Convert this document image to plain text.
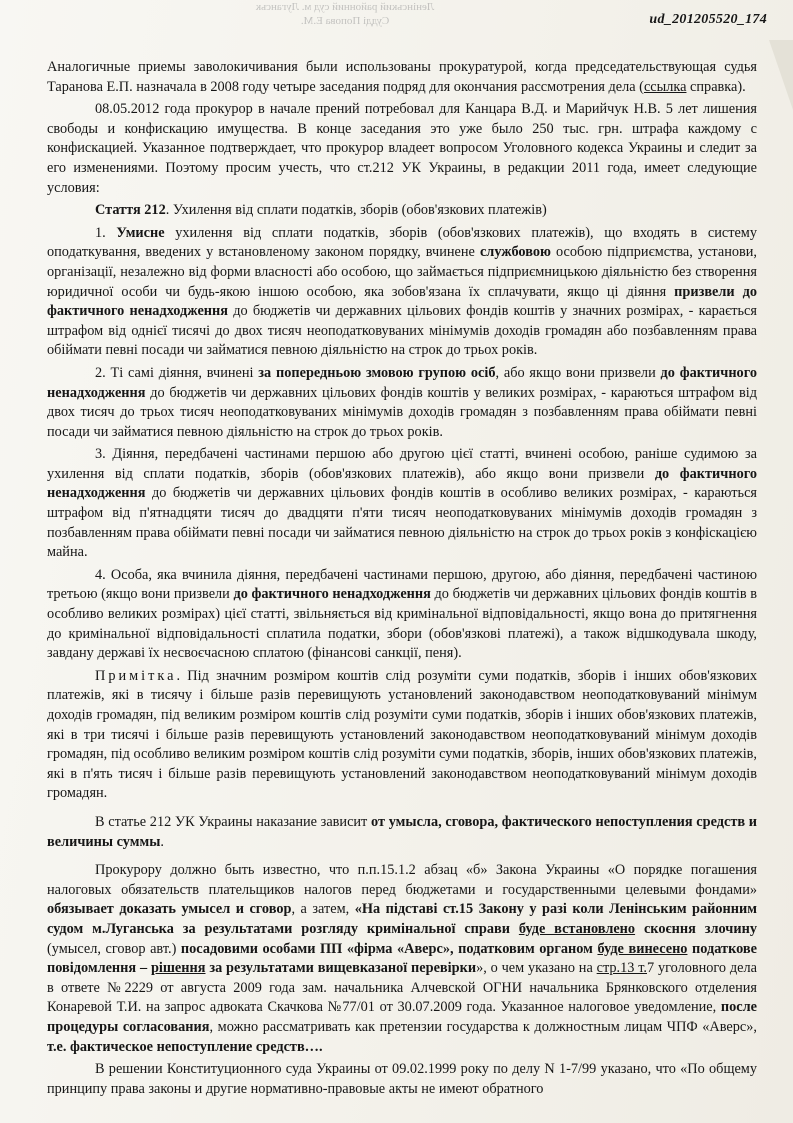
Ленінський районний суд м. Луганськ
Судді Попова Е.М.	ud_201205520_174

Аналогичные приемы заволокичивания были использованы прокуратурой, когда председательствующая судья Таранова Е.П. назначала в 2008 году четыре заседания подряд для окончания рассмотрения дела (ссылка справка).

08.05.2012 года прокурор в начале прений потребовал для Канцара В.Д. и Марийчук Н.В. 5 лет лишения свободы и конфискацию имущества. В конце заседания это уже было 250 тыс. грн. штрафа каждому с конфискацией. Указанное подтверждает, что прокурор владеет вопросом Уголовного кодекса Украины и следит за его изменениями. Поэтому просим учесть, что ст.212 УК Украины, в редакции 2011 года, имеет следующие условия:

Стаття 212. Ухилення від сплати податків, зборів (обов'язкових платежів)

1. Умисне ухилення від сплати податків, зборів (обов'язкових платежів), що входять в систему оподаткування, введених у встановленому законом порядку, вчинене службовою особою підприємства, установи, організації, незалежно від форми власності або особою, що займається підприємницькою діяльністю без створення юридичної особи чи будь-якою іншою особою, яка зобов'язана їх сплачувати, якщо ці діяння призвели до фактичного ненадходження до бюджетів чи державних цільових фондів коштів у значних розмірах, - карається штрафом від однієї тисячі до двох тисяч неоподатковуваних мінімумів доходів громадян або позбавленням права обіймати певні посади чи займатися певною діяльністю на строк до трьох років.

2. Ті самі діяння, вчинені за попередньою змовою групою осіб, або якщо вони призвели до фактичного ненадходження до бюджетів чи державних цільових фондів коштів у великих розмірах, - караються штрафом від двох тисяч до трьох тисяч неоподатковуваних мінімумів доходів громадян з позбавленням права обіймати певні посади чи займатися певною діяльністю на строк до трьох років.

3. Діяння, передбачені частинами першою або другою цієї статті, вчинені особою, раніше судимою за ухилення від сплати податків, зборів (обов'язкових платежів), або якщо вони призвели до фактичного ненадходження до бюджетів чи державних цільових фондів коштів в особливо великих розмірах, - караються штрафом від п'ятнадцяти тисяч до двадцяти п'яти тисяч неоподатковуваних мінімумів доходів громадян з позбавленням права обіймати певні посади чи займатися певною діяльністю на строк до трьох років з конфіскацією майна.

4. Особа, яка вчинила діяння, передбачені частинами першою, другою, або діяння, передбачені частиною третьою (якщо вони призвели до фактичного ненадходження до бюджетів чи державних цільових фондів коштів в особливо великих розмірах) цієї статті, звільняється від кримінальної відповідальності, якщо вона до притягнення до кримінальної відповідальності сплатила податки, збори (обов'язкові платежі), а також відшкодувала шкоду, завдану державі їх несвоєчасною сплатою (фінансові санкції, пеня).

Примітка. Під значним розміром коштів слід розуміти суми податків, зборів і інших обов'язкових платежів, які в тисячу і більше разів перевищують установлений законодавством неоподатковуваний мінімум доходів громадян, під великим розміром коштів слід розуміти суми податків, зборів і інших обов'язкових платежів, які в три тисячі і більше разів перевищують установлений законодавством неоподатковуваний мінімум доходів громадян, під особливо великим розміром коштів слід розуміти суми податків, зборів, інших обов'язкових платежів, які в п'ять тисяч і більше разів перевищують установлений законодавством неоподатковуваний мінімум доходів громадян.

В статье 212 УК Украины наказание зависит от умысла, сговора, фактического непоступления средств и величины суммы.

Прокурору должно быть известно, что п.п.15.1.2 абзац «б» Закона Украины «О порядке погашения налоговых обязательств плательщиков налогов перед бюджетами и государственными целевыми фондами» обязывает доказать умысел и сговор, а затем, «На підставі ст.15 Закону у разі коли Ленінським районним судом м.Луганська за результатами розгляду кримінальної справи буде встановлено скоєння злочину (умысел, сговор авт.) посадовими особами ПП «фірма «Аверс», податковим органом буде винесено податкове повідомлення – рішення за результатами вищевказаної перевірки», о чем указано на стр.13 т.7 уголовного дела в ответе №2229 от августа 2009 года зам. начальника Алчевской ОГНИ начальника Брянковского отделения Конаревой Т.И. на запрос адвоката Скачкова №77/01 от 30.07.2009 года. Указанное налоговое уведомление, после процедуры согласования, можно рассматривать как претензии государства к должностным лицам ЧПФ «Аверс», т.е. фактическое непоступление средств….

В решении Конституционного суда Украины от 09.02.1999 року по делу N 1-7/99 указано, что «По общему принципу права законы и другие нормативно-правовые акты не имеют обратного
